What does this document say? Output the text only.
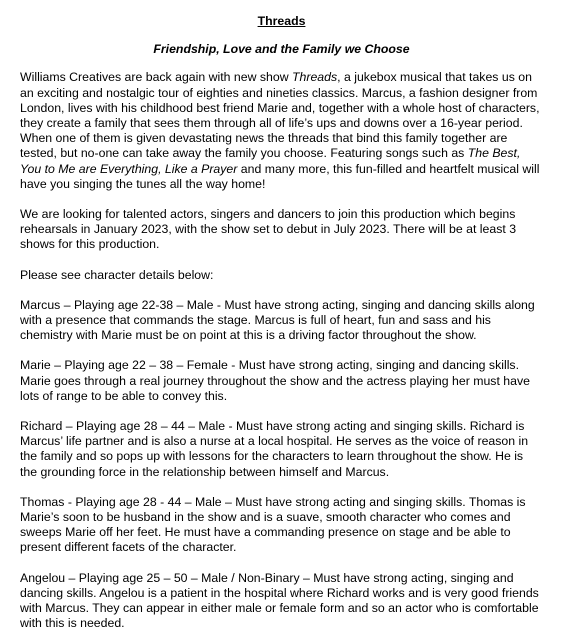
Threads
Friendship, Love and the Family we Choose

Williams Creatives are back again with new show Threads, a jukebox musical that takes us on an exciting and nostalgic tour of eighties and nineties classics. Marcus, a fashion designer from London, lives with his childhood best friend Marie and, together with a whole host of characters, they create a family that sees them through all of life’s ups and downs over a 16-year period. When one of them is given devastating news the threads that bind this family together are tested, but no-one can take away the family you choose. Featuring songs such as The Best, You to Me are Everything, Like a Prayer and many more, this fun-filled and heartfelt musical will have you singing the tunes all the way home!

We are looking for talented actors, singers and dancers to join this production which begins rehearsals in January 2023, with the show set to debut in July 2023. There will be at least 3 shows for this production.

Please see character details below:

Marcus – Playing age 22-38 – Male - Must have strong acting, singing and dancing skills along with a presence that commands the stage. Marcus is full of heart, fun and sass and his chemistry with Marie must be on point at this is a driving factor throughout the show.

Marie – Playing age 22 – 38 – Female - Must have strong acting, singing and dancing skills. Marie goes through a real journey throughout the show and the actress playing her must have lots of range to be able to convey this.

Richard – Playing age 28 – 44 – Male - Must have strong acting and singing skills. Richard is Marcus’ life partner and is also a nurse at a local hospital. He serves as the voice of reason in the family and so pops up with lessons for the characters to learn throughout the show. He is the grounding force in the relationship between himself and Marcus.

Thomas - Playing age 28 - 44 – Male – Must have strong acting and singing skills. Thomas is Marie’s soon to be husband in the show and is a suave, smooth character who comes and sweeps Marie off her feet. He must have a commanding presence on stage and be able to present different facets of the character.

Angelou – Playing age 25 – 50 – Male / Non-Binary – Must have strong acting, singing and dancing skills. Angelou is a patient in the hospital where Richard works and is very good friends with Marcus. They can appear in either male or female form and so an actor who is comfortable with this is needed.
